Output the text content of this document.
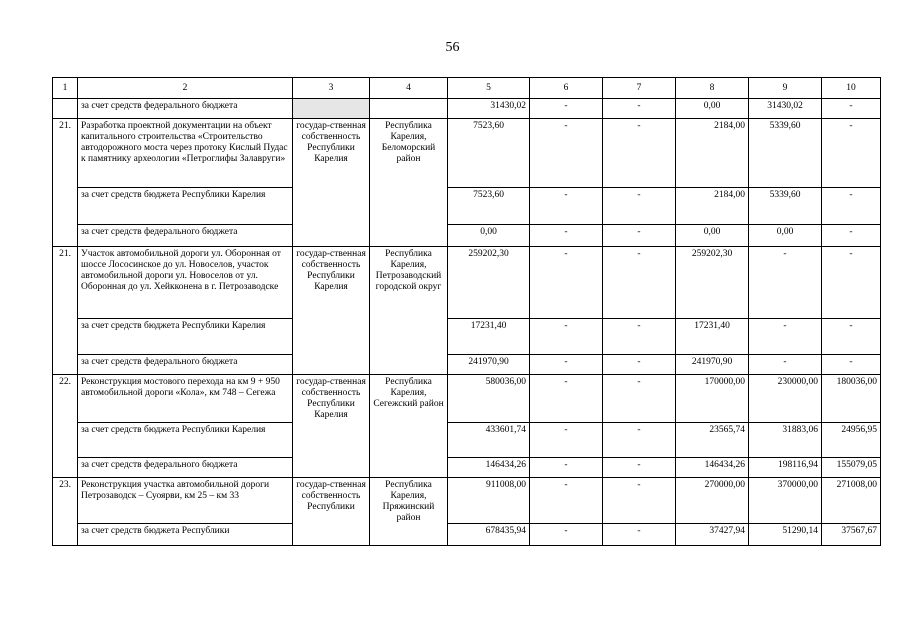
56
1	2	3	4	5	6	7	8	9	10
	за счет средств федерального бюджета			31430,02	-	-	0,00	31430,02	-
21.	Разработка проектной документации на объект капитального строительства «Строительство автодорожного моста через протоку Кислый Пудас к памятнику археологии «Петроглифы Залавруги»	государ-ственная собственность Республики Карелия	Республика Карелия, Беломорский район	7523,60	-	-	2184,00	5339,60	-
	за счет средств бюджета Республики Карелия			7523,60	-	-	2184,00	5339,60	-
	за счет средств федерального бюджета			0,00	-	-	0,00	0,00	-
21.	Участок автомобильной дороги ул. Оборонная от шоссе Лососинское до ул. Новоселов, участок автомобильной дороги ул. Новоселов от ул. Оборонная до ул. Хейкконена в г. Петрозаводске	государ-ственная собственность Республики Карелия	Республика Карелия, Петрозаводский городской округ	259202,30	-	-	259202,30	-	-
	за счет средств бюджета Республики Карелия			17231,40	-	-	17231,40	-	-
	за счет средств федерального бюджета			241970,90	-	-	241970,90	-	-
22.	Реконструкция мостового перехода на км 9 + 950 автомобильной дороги «Кола», км 748 – Сегежа	государ-ственная собственность Республики Карелия	Республика Карелия, Сегежский район	580036,00	-	-	170000,00	230000,00	180036,00
	за счет средств бюджета Республики Карелия			433601,74	-	-	23565,74	31883,06	24956,95
	за счет средств федерального бюджета			146434,26	-	-	146434,26	198116,94	155079,05
23.	Реконструкция участка автомобильной дороги Петрозаводск – Суоярви, км 25 – км 33	государ-ственная собственность Республики	Республика Карелия, Пряжинский район	911008,00	-	-	270000,00	370000,00	271008,00
	за счет средств бюджета Республики			678435,94	-	-	37427,94	51290,14	37567,67
